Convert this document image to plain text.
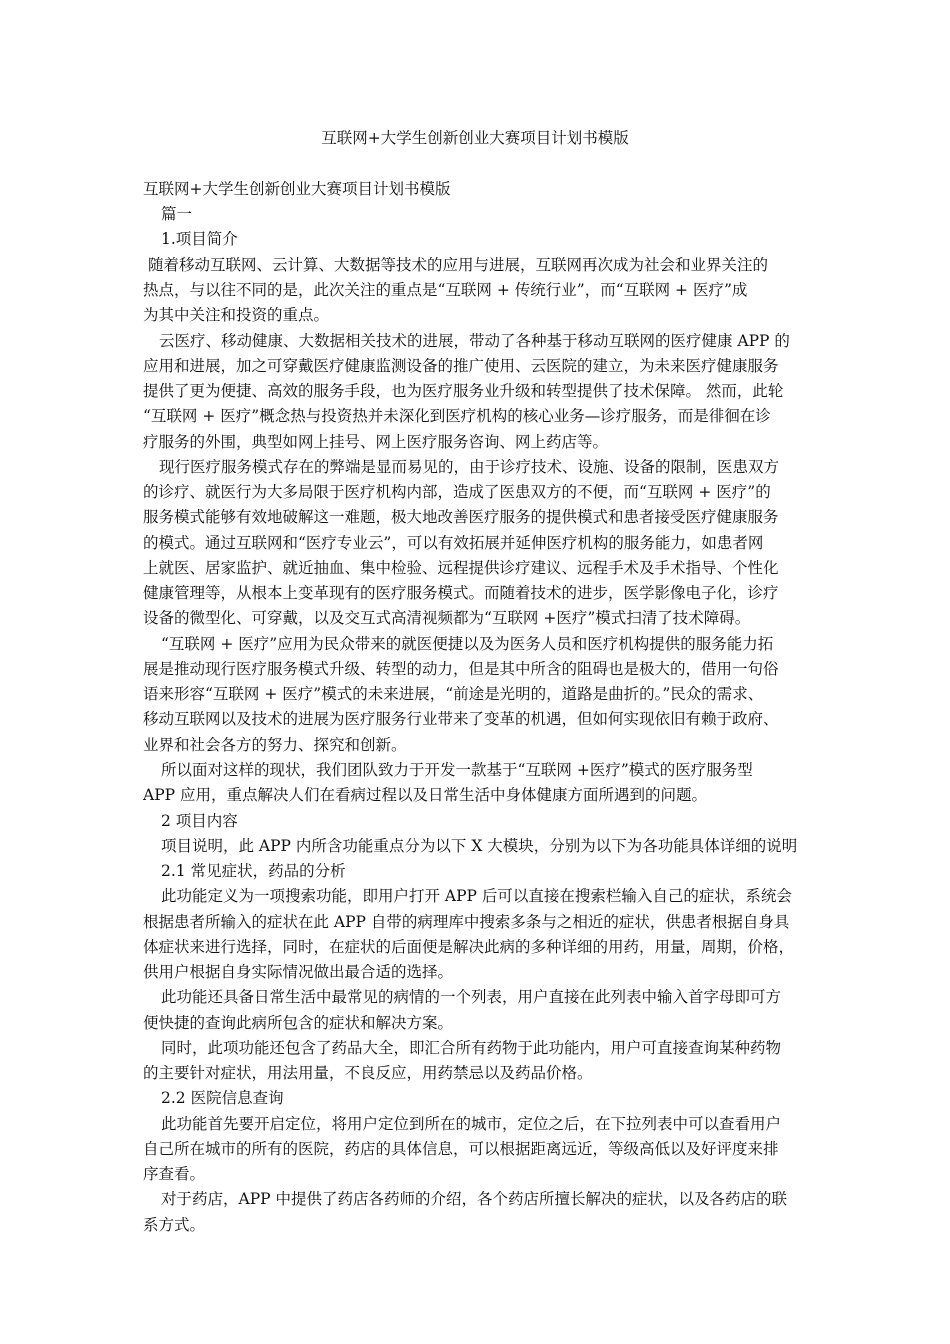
互联网+大学生创新创业大赛项目计划书模版
互联网+大学生创新创业大赛项目计划书模版
篇一
1.项目简介
随着移动互联网、云计算、大数据等技术的应用与进展，互联网再次成为社会和业界关注的
热点，与以往不同的是，此次关注的重点是“互联网 + 传统行业”，而“互联网 + 医疗”成
为其中关注和投资的重点。
云医疗、移动健康、大数据相关技术的进展，带动了各种基于移动互联网的医疗健康 APP 的
应用和进展，加之可穿戴医疗健康监测设备的推广使用、云医院的建立，为未来医疗健康服务
提供了更为便捷、高效的服务手段，也为医疗服务业升级和转型提供了技术保障。 然而，此轮
“互联网 + 医疗”概念热与投资热并未深化到医疗机构的核心业务—诊疗服务，而是徘徊在诊
疗服务的外围，典型如网上挂号、网上医疗服务咨询、网上药店等。
现行医疗服务模式存在的弊端是显而易见的，由于诊疗技术、设施、设备的限制，医患双方
的诊疗、就医行为大多局限于医疗机构内部，造成了医患双方的不便，而“互联网 + 医疗”的
服务模式能够有效地破解这一难题，极大地改善医疗服务的提供模式和患者接受医疗健康服务
的模式。通过互联网和“医疗专业云”，可以有效拓展并延伸医疗机构的服务能力，如患者网
上就医、居家监护、就近抽血、集中检验、远程提供诊疗建议、远程手术及手术指导、个性化
健康管理等，从根本上变革现有的医疗服务模式。而随着技术的进步，医学影像电子化，诊疗
设备的微型化、可穿戴，以及交互式高清视频都为“互联网 +医疗”模式扫清了技术障碍。
“互联网 + 医疗”应用为民众带来的就医便捷以及为医务人员和医疗机构提供的服务能力拓
展是推动现行医疗服务模式升级、转型的动力，但是其中所含的阻碍也是极大的，借用一句俗
语来形容“互联网 + 医疗”模式的未来进展，“前途是光明的，道路是曲折的。”民众的需求、
移动互联网以及技术的进展为医疗服务行业带来了变革的机遇，但如何实现依旧有赖于政府、
业界和社会各方的努力、探究和创新。
所以面对这样的现状，我们团队致力于开发一款基于“互联网 +医疗”模式的医疗服务型
APP 应用，重点解决人们在看病过程以及日常生活中身体健康方面所遇到的问题。
2 项目内容
项目说明，此 APP 内所含功能重点分为以下 X 大模块，分别为以下为各功能具体详细的说明
2.1 常见症状，药品的分析
此功能定义为一项搜索功能，即用户打开 APP 后可以直接在搜索栏输入自己的症状，系统会
根据患者所输入的症状在此 APP 自带的病理库中搜索多条与之相近的症状，供患者根据自身具
体症状来进行选择，同时，在症状的后面便是解决此病的多种详细的用药，用量，周期，价格，
供用户根据自身实际情况做出最合适的选择。
此功能还具备日常生活中最常见的病情的一个列表，用户直接在此列表中输入首字母即可方
便快捷的查询此病所包含的症状和解决方案。
同时，此项功能还包含了药品大全，即汇合所有药物于此功能内，用户可直接查询某种药物
的主要针对症状，用法用量，不良反应，用药禁忌以及药品价格。
2.2 医院信息查询
此功能首先要开启定位，将用户定位到所在的城市，定位之后，在下拉列表中可以查看用户
自己所在城市的所有的医院，药店的具体信息，可以根据距离远近，等级高低以及好评度来排
序查看。
对于药店，APP 中提供了药店各药师的介绍，各个药店所擅长解决的症状，以及各药店的联
系方式。
